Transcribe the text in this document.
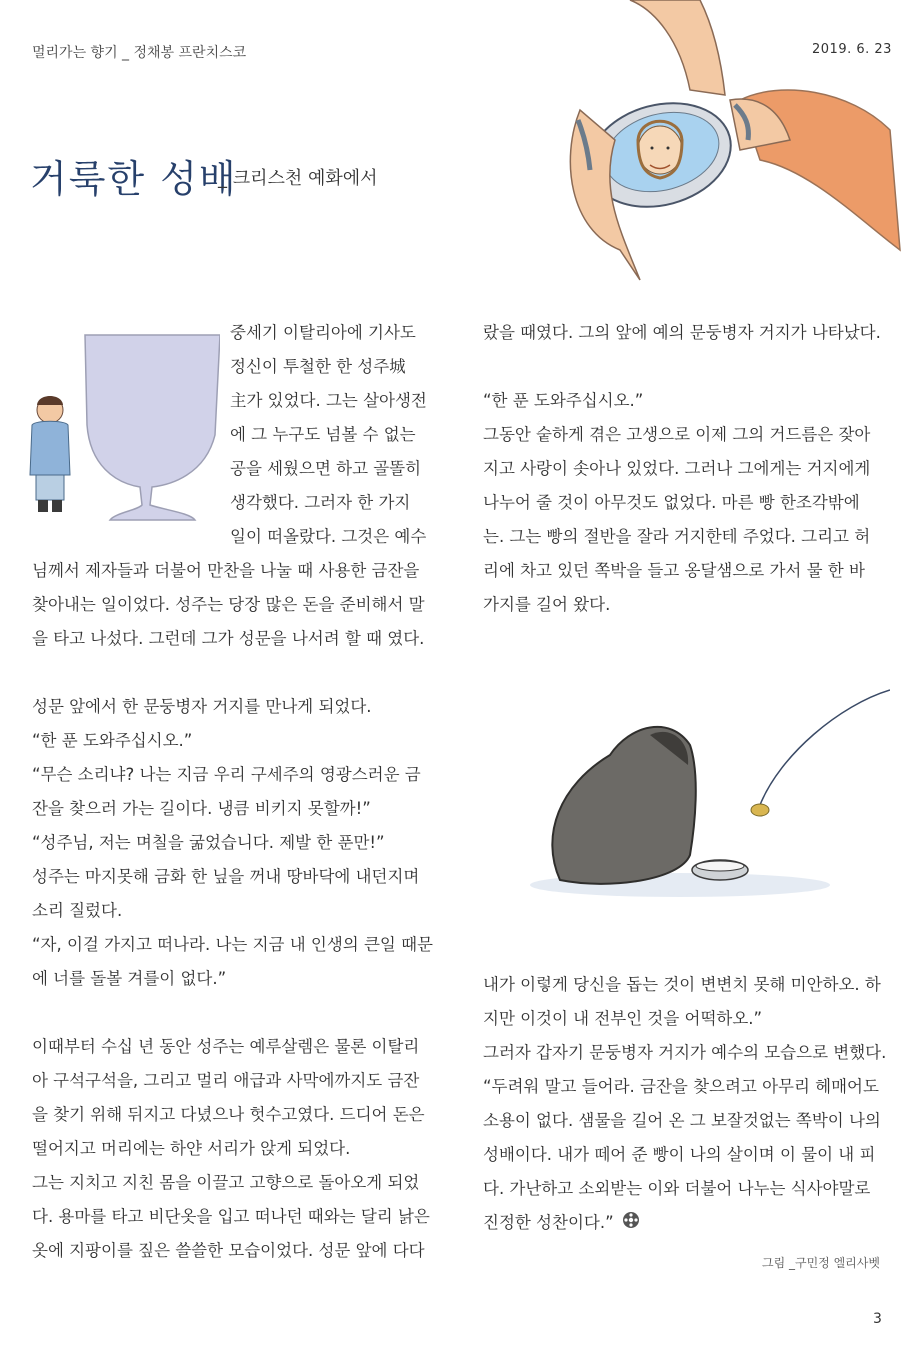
멀리가는 향기 _ 정채봉 프란치스코	2019. 6. 23
거룩한 성배
_ 크리스천 예화에서

중세기 이탈리아에 기사도

정신이 투철한 한 성주城

主가 있었다. 그는 살아생전

에 그 누구도 넘볼 수 없는

공을 세웠으면 하고 골똘히

생각했다. 그러자 한 가지

일이 떠올랐다. 그것은 예수

님께서 제자들과 더불어 만찬을 나눌 때 사용한 금잔을

찾아내는 일이었다. 성주는 당장 많은 돈을 준비해서 말

을 타고 나섰다. 그런데 그가 성문을 나서려 할 때 였다.

성문 앞에서 한 문둥병자 거지를 만나게 되었다.

“한 푼 도와주십시오.”

“무슨 소리냐? 나는 지금 우리 구세주의 영광스러운 금

잔을 찾으러 가는 길이다. 냉큼 비키지 못할까!”

“성주님, 저는 며칠을 굶었습니다. 제발 한 푼만!”

성주는 마지못해 금화 한 닢을 꺼내 땅바닥에 내던지며

소리 질렀다.

“자, 이걸 가지고 떠나라. 나는 지금 내 인생의 큰일 때문

에 너를 돌볼 겨를이 없다.”

이때부터 수십 년 동안 성주는 예루살렘은 물론 이탈리

아 구석구석을, 그리고 멀리 애급과 사막에까지도 금잔

을 찾기 위해 뒤지고 다녔으나 헛수고였다. 드디어 돈은

떨어지고 머리에는 하얀 서리가 앉게 되었다.

그는 지치고 지친 몸을 이끌고 고향으로 돌아오게 되었

다. 용마를 타고 비단옷을 입고 떠나던 때와는 달리 낡은

옷에 지팡이를 짚은 쓸쓸한 모습이었다. 성문 앞에 다다

랐을 때였다. 그의 앞에 예의 문둥병자 거지가 나타났다.

“한 푼 도와주십시오.”

그동안 숱하게 겪은 고생으로 이제 그의 거드름은 잦아

지고 사랑이 솟아나 있었다. 그러나 그에게는 거지에게

나누어 줄 것이 아무것도 없었다. 마른 빵 한조각밖에

는. 그는 빵의 절반을 잘라 거지한테 주었다. 그리고 허

리에 차고 있던 쪽박을 들고 옹달샘으로 가서 물 한 바

가지를 길어 왔다.

내가 이렇게 당신을 돕는 것이 변변치 못해 미안하오. 하

지만 이것이 내 전부인 것을 어떡하오.”

그러자 갑자기 문둥병자 거지가 예수의 모습으로 변했다.

“두려워 말고 들어라. 금잔을 찾으려고 아무리 헤매어도

소용이 없다. 샘물을 길어 온 그 보잘것없는 쪽박이 나의

성배이다. 내가 떼어 준 빵이 나의 살이며 이 물이 내 피

다. 가난하고 소외받는 이와 더불어 나누는 식사야말로

진정한 성찬이다.”

그림 _구민정 엘리사벳
3
